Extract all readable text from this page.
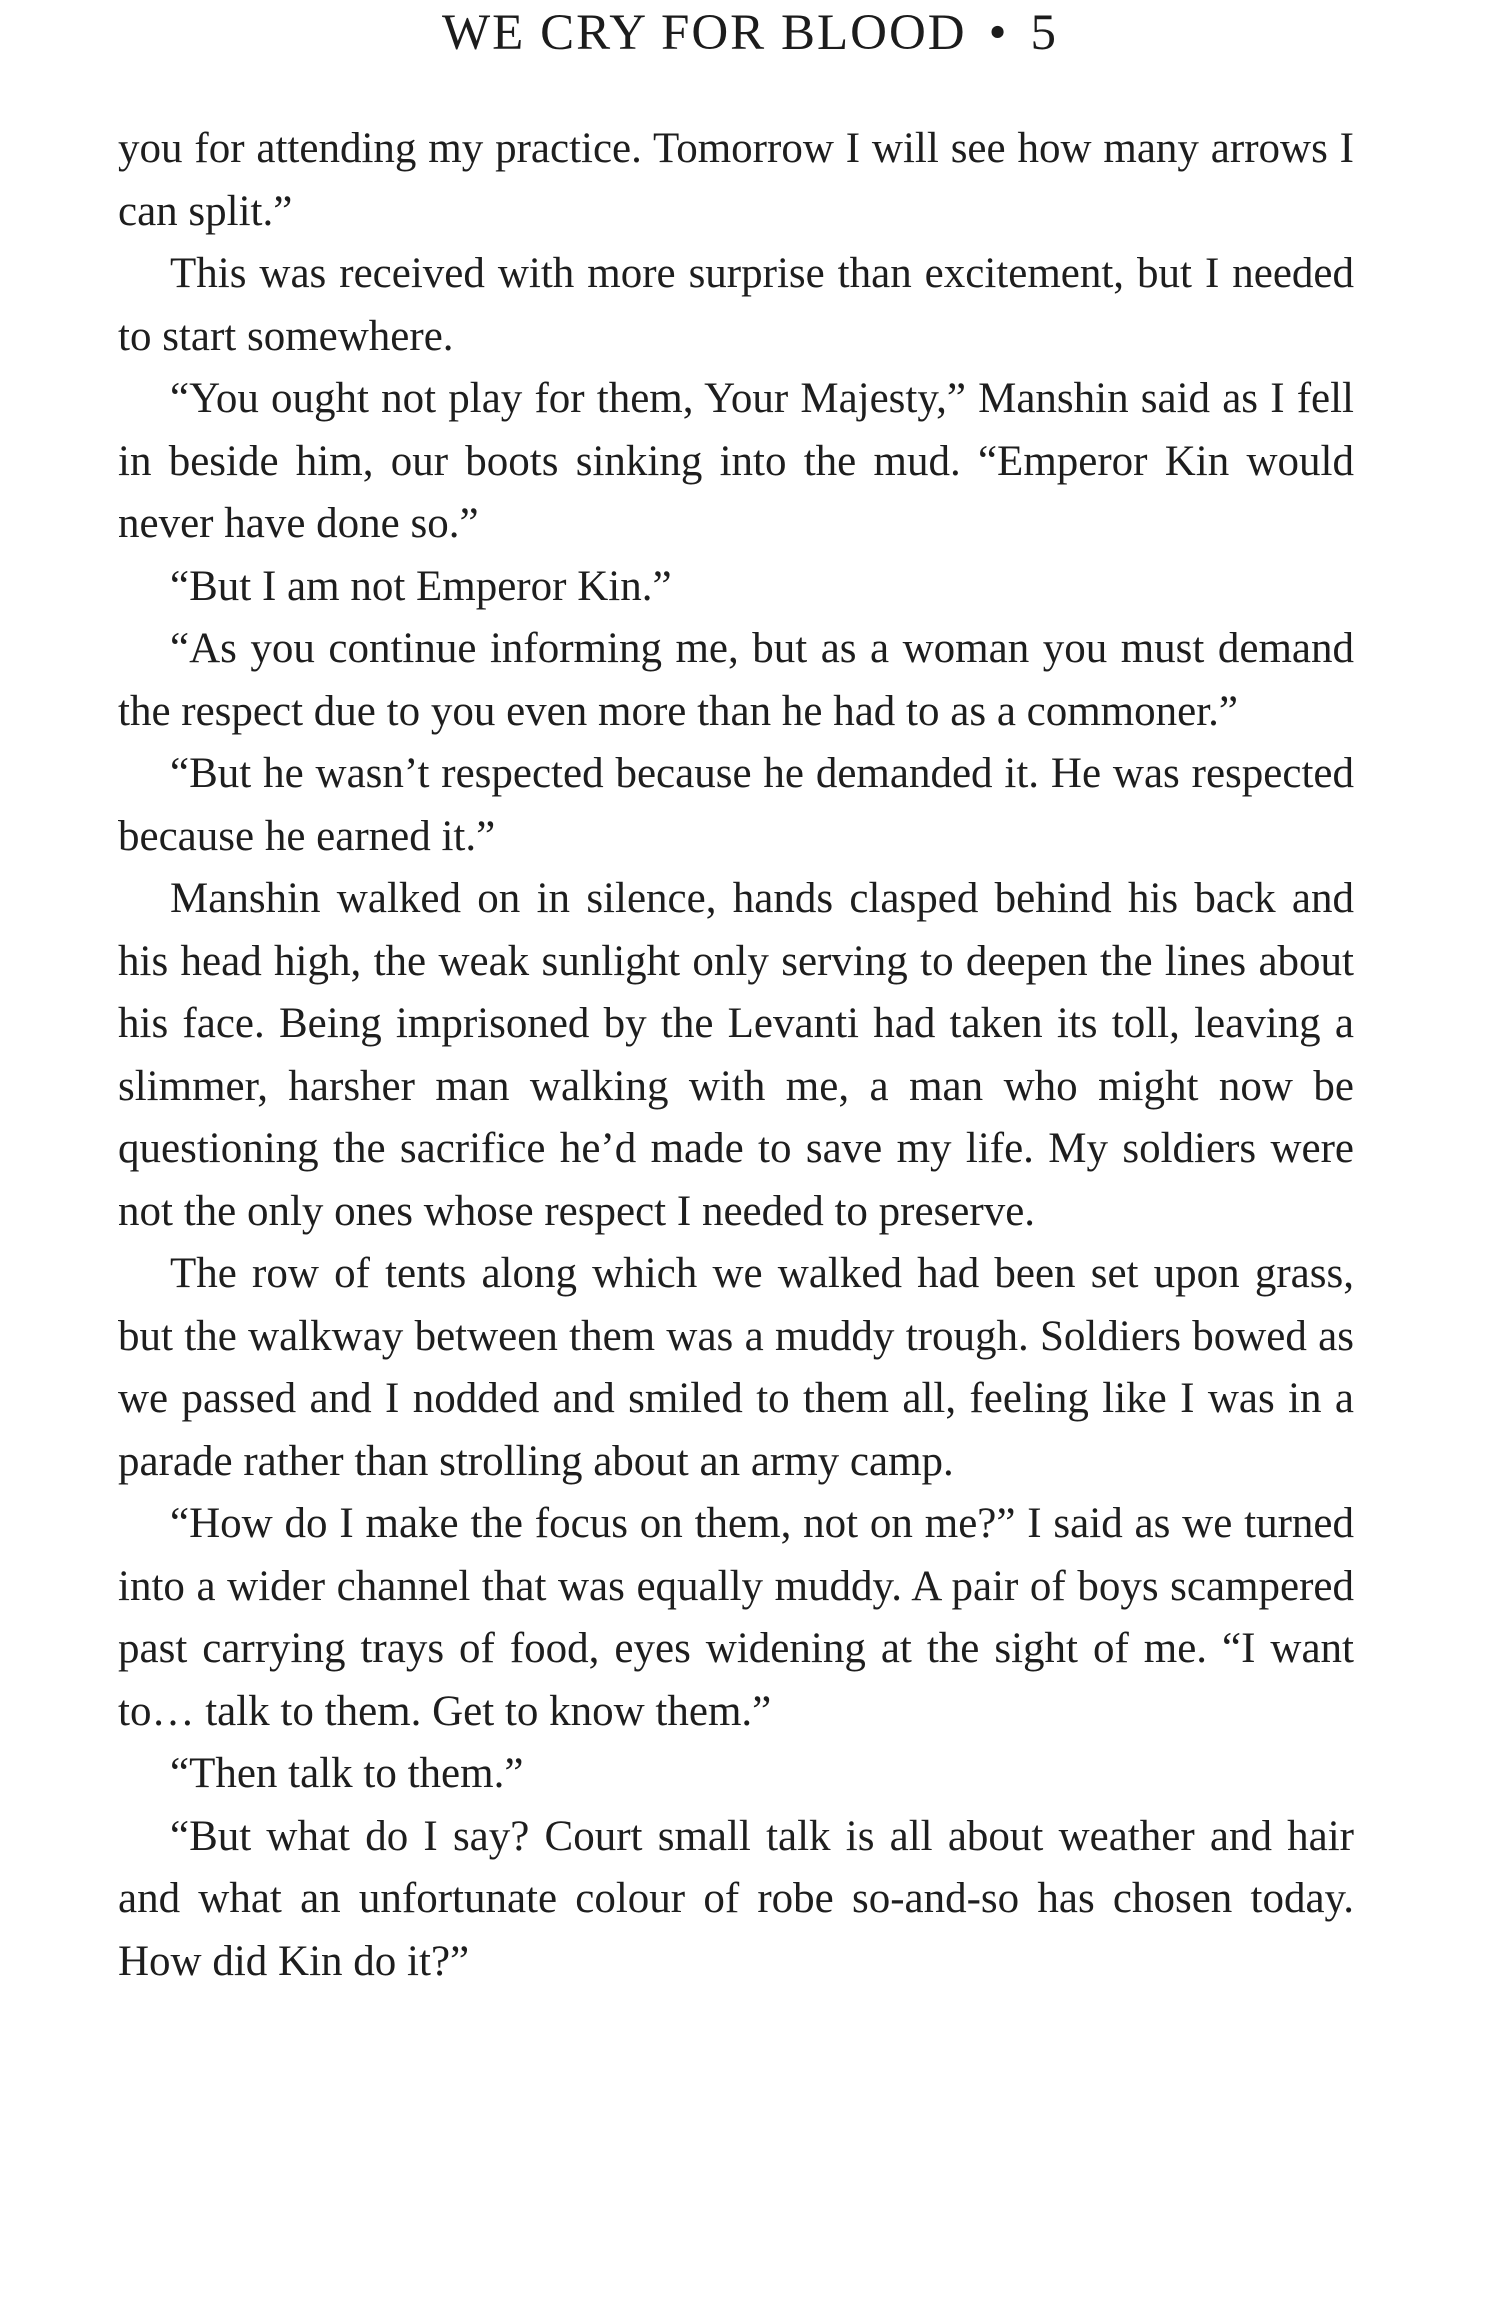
WE CRY FOR BLOOD • 5

you for attending my practice. Tomorrow I will see how many arrows I can split.”

This was received with more surprise than excitement, but I needed to start somewhere.

“You ought not play for them, Your Majesty,” Manshin said as I fell in beside him, our boots sinking into the mud. “Emperor Kin would never have done so.”

“But I am not Emperor Kin.”

“As you continue informing me, but as a woman you must demand the respect due to you even more than he had to as a commoner.”

“But he wasn’t respected because he demanded it. He was respected because he earned it.”

Manshin walked on in silence, hands clasped behind his back and his head high, the weak sunlight only serving to deepen the lines about his face. Being imprisoned by the Levanti had taken its toll, leaving a slimmer, harsher man walking with me, a man who might now be questioning the sacrifice he’d made to save my life. My soldiers were not the only ones whose respect I needed to preserve.

The row of tents along which we walked had been set upon grass, but the walkway between them was a muddy trough. Soldiers bowed as we passed and I nodded and smiled to them all, feeling like I was in a parade rather than strolling about an army camp.

“How do I make the focus on them, not on me?” I said as we turned into a wider channel that was equally muddy. A pair of boys scampered past carrying trays of food, eyes widening at the sight of me. “I want to… talk to them. Get to know them.”

“Then talk to them.”

“But what do I say? Court small talk is all about weather and hair and what an unfortunate colour of robe so-and-so has chosen today. How did Kin do it?”
